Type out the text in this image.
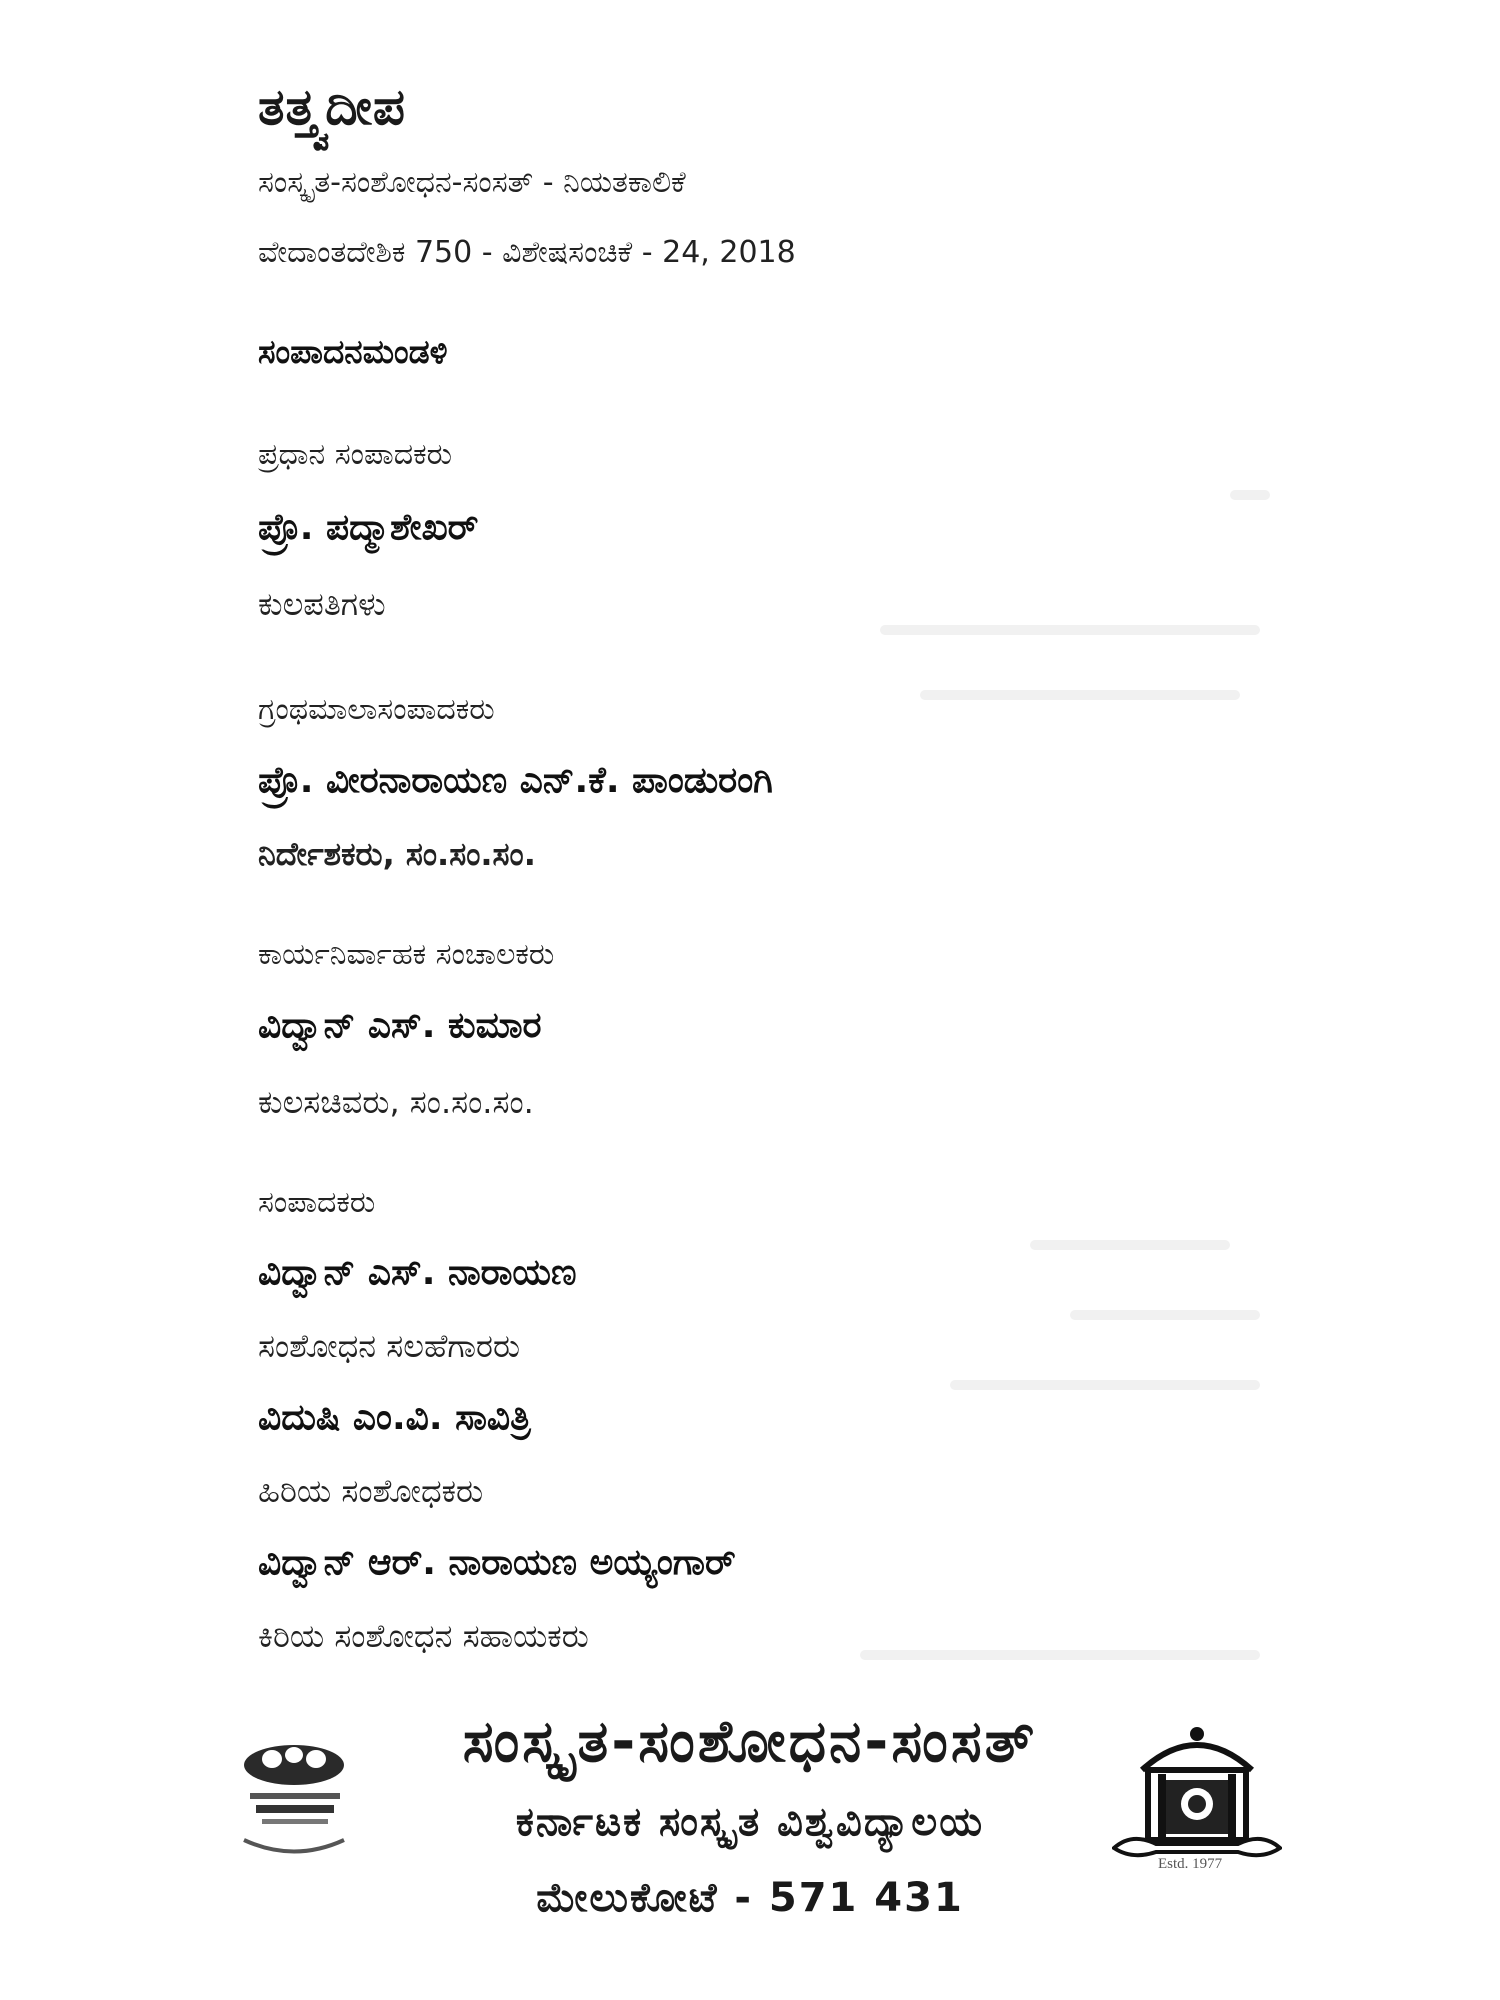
ತತ್ತ್ವದೀಪ
ಸಂಸ್ಕೃತ-ಸಂಶೋಧನ-ಸಂಸತ್ - ನಿಯತಕಾಲಿಕೆ
ವೇದಾಂತದೇಶಿಕ 750 - ವಿಶೇಷಸಂಚಿಕೆ - 24, 2018
ಸಂಪಾದನಮಂಡಳಿ
ಪ್ರಧಾನ ಸಂಪಾದಕರು
ಪ್ರೊ. ಪದ್ಮಾಶೇಖರ್
ಕುಲಪತಿಗಳು
ಗ್ರಂಥಮಾಲಾಸಂಪಾದಕರು
ಪ್ರೊ. ವೀರನಾರಾಯಣ ಎನ್.ಕೆ. ಪಾಂಡುರಂಗಿ
ನಿರ್ದೇಶಕರು, ಸಂ.ಸಂ.ಸಂ.
ಕಾರ್ಯನಿರ್ವಾಹಕ ಸಂಚಾಲಕರು
ವಿದ್ವಾನ್ ಎಸ್. ಕುಮಾರ
ಕುಲಸಚಿವರು, ಸಂ.ಸಂ.ಸಂ.
ಸಂಪಾದಕರು
ವಿದ್ವಾನ್ ಎಸ್. ನಾರಾಯಣ
ಸಂಶೋಧನ ಸಲಹೆಗಾರರು
ವಿದುಷಿ ಎಂ.ವಿ. ಸಾವಿತ್ರಿ
ಹಿರಿಯ ಸಂಶೋಧಕರು
ವಿದ್ವಾನ್ ಆರ್. ನಾರಾಯಣ ಅಯ್ಯಂಗಾರ್
ಕಿರಿಯ ಸಂಶೋಧನ ಸಹಾಯಕರು
Estd. 1977
ಸಂಸ್ಕೃತ-ಸಂಶೋಧನ-ಸಂಸತ್
ಕರ್ನಾಟಕ ಸಂಸ್ಕೃತ ವಿಶ್ವವಿದ್ಯಾಲಯ
ಮೇಲುಕೋಟೆ - 571 431
